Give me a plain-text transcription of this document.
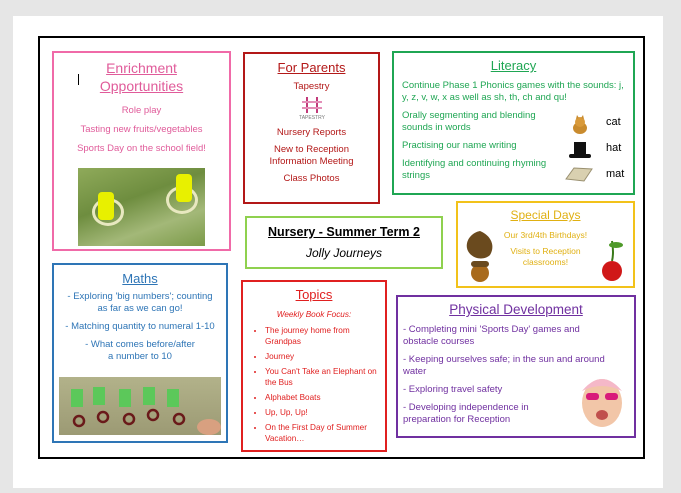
Enrichment Opportunities
Role play
Tasting new fruits/vegetables
Sports Day on the school field!
For Parents
Tapestry
TAPESTRY
Nursery Reports
New to Reception Information Meeting
Class Photos
Literacy
Continue Phase 1 Phonics games with the sounds: j, y, z, v, w, x as well as sh, th, ch and qu!
Orally segmenting and blending sounds in words
Practising our name writing
Identifying and continuing rhyming strings
cat
hat
mat
Special Days
Our 3rd/4th Birthdays!
Visits to Reception classrooms!
Nursery - Summer Term 2
Jolly Journeys
Maths
- Exploring 'big numbers'; counting as far as we can go!
- Matching quantity to numeral 1-10
- What comes before/after a number to 10
Topics
Weekly Book Focus:
• The journey home from Grandpas
• Journey
• You Can't Take an Elephant on the Bus
• Alphabet Boats
• Up, Up, Up!
• On the First Day of Summer Vacation…
Physical Development
- Completing mini 'Sports Day' games and obstacle courses
- Keeping ourselves safe; in the sun and around water
- Exploring travel safety
- Developing independence in preparation for Reception
